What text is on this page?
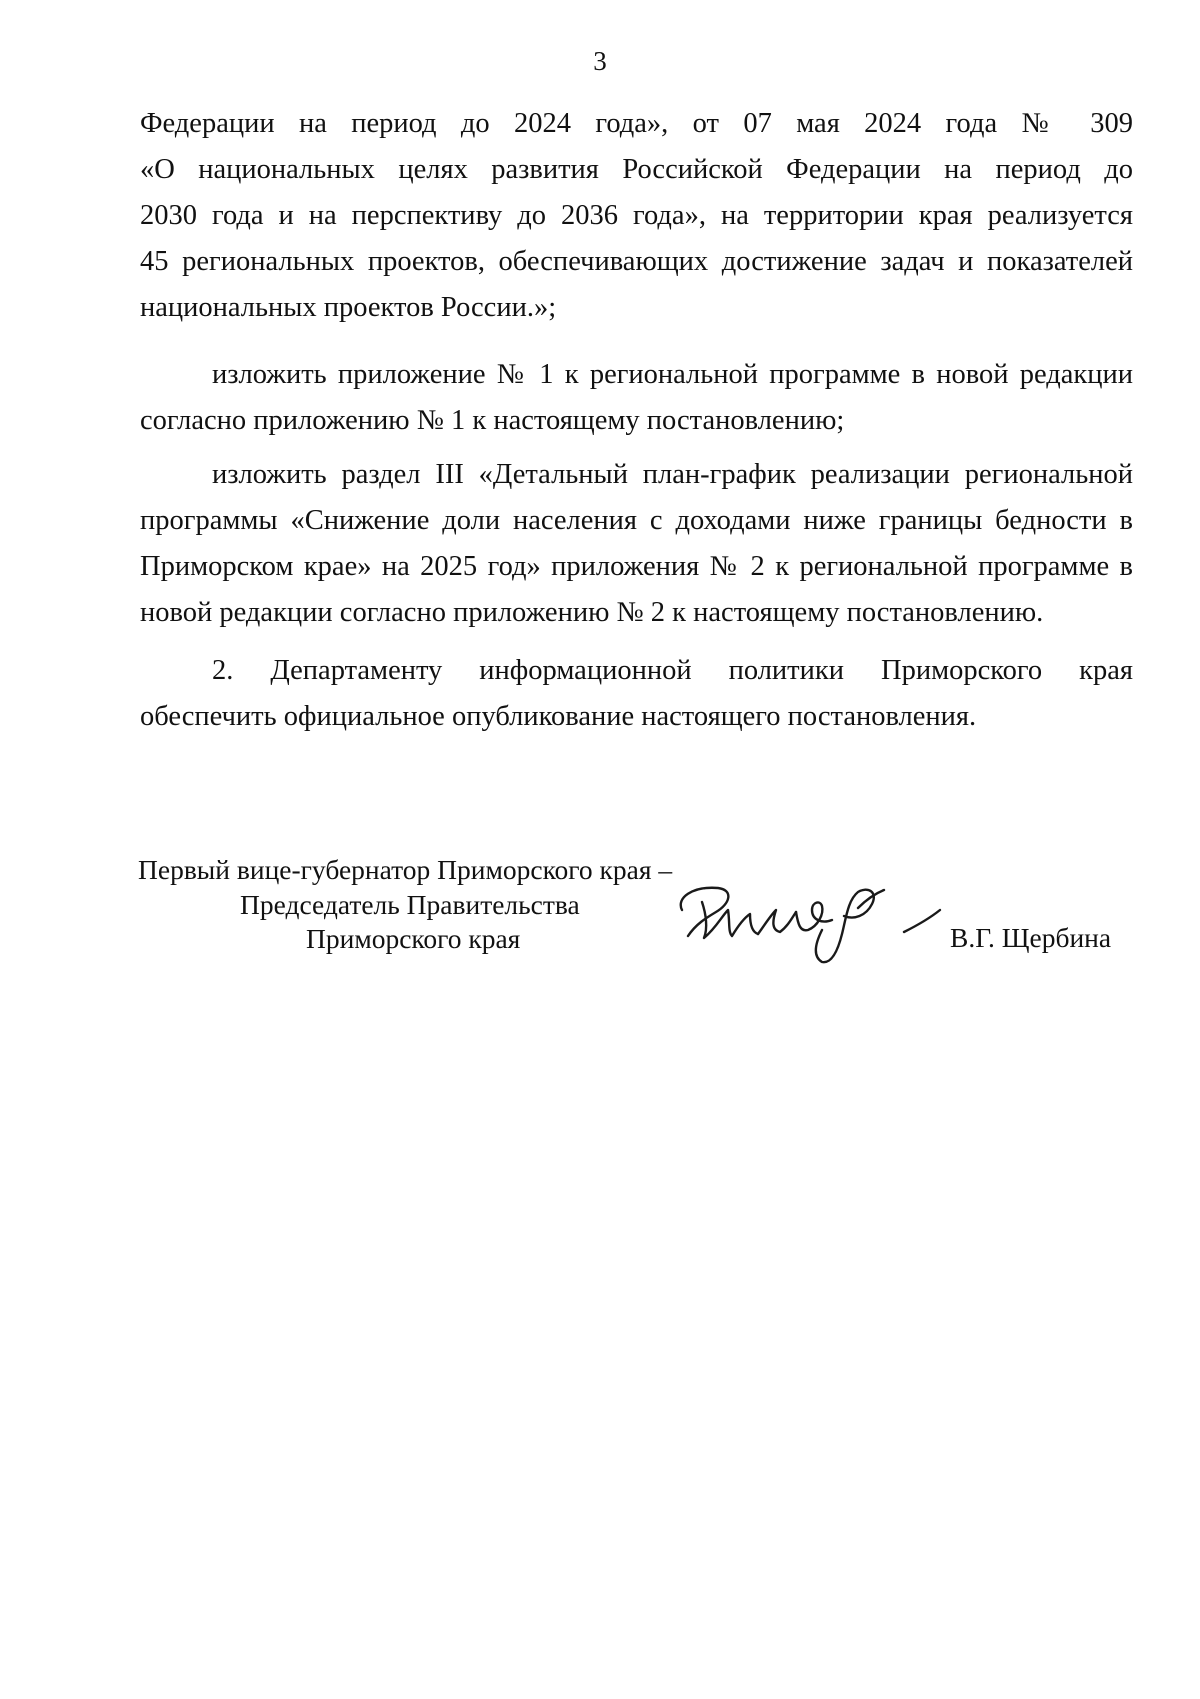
3
Федерации на период до 2024 года», от 07 мая 2024 года № 309
«О национальных целях развития Российской Федерации на период до
2030 года и на перспективу до 2036 года», на территории края реализуется
45 региональных проектов, обеспечивающих достижение задач и показателей
национальных проектов России.»;
изложить приложение № 1 к региональной программе в новой редакции
согласно приложению № 1 к настоящему постановлению;
изложить раздел III «Детальный план-график реализации региональной
программы «Снижение доли населения с доходами ниже границы бедности в
Приморском крае» на 2025 год» приложения № 2 к региональной программе в
новой редакции согласно приложению № 2 к настоящему постановлению.
2. Департаменту информационной политики Приморского края
обеспечить официальное опубликование настоящего постановления.
Первый вице-губернатор Приморского края –
Председатель Правительства
Приморского края	В.Г. Щербина
